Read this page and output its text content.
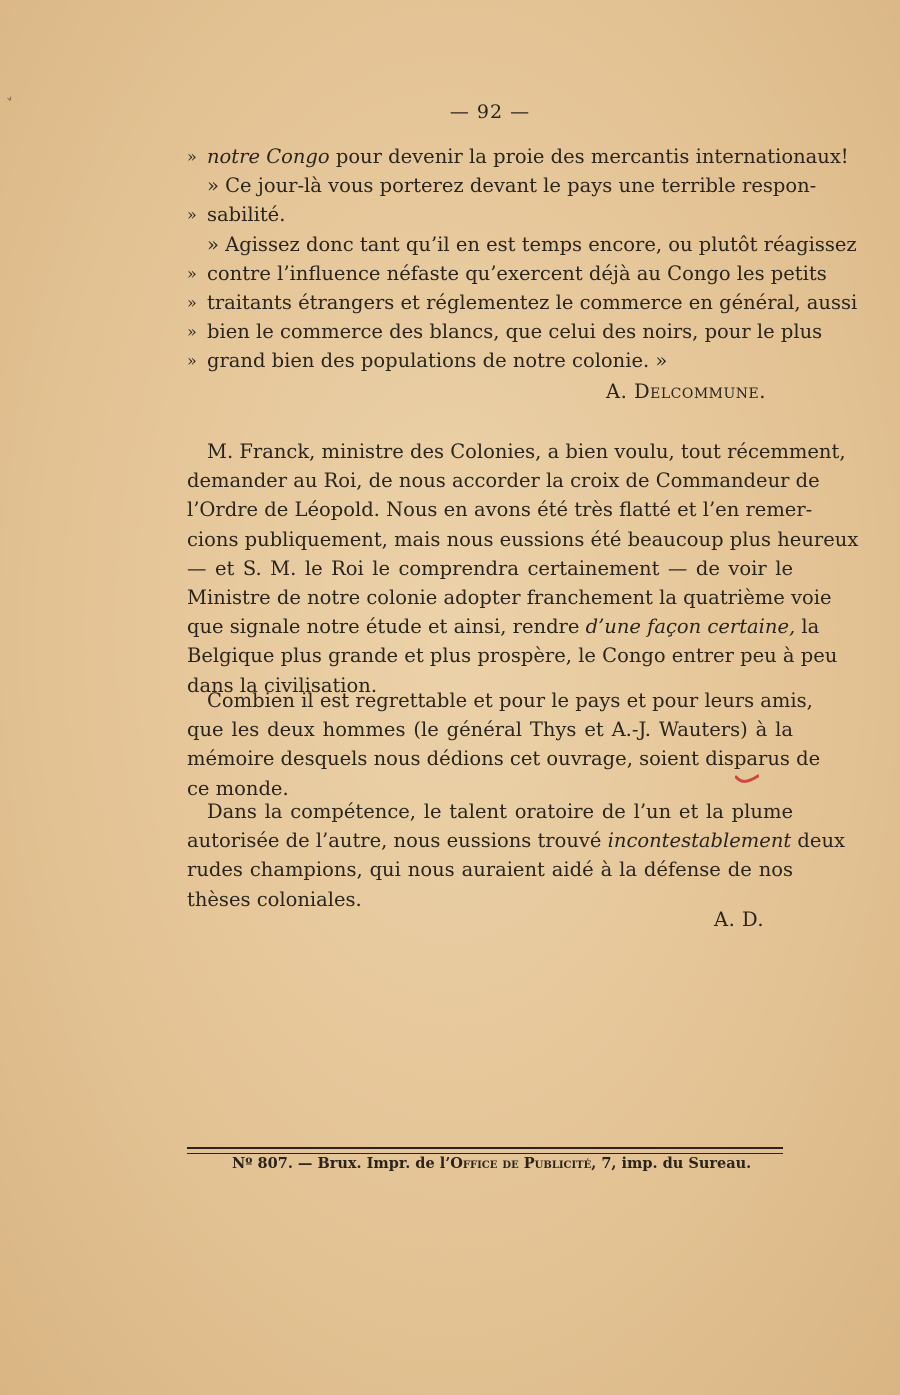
˅	— 92 —
» notre Congo pour devenir la proie des mercantis internationaux!
» Ce jour-là vous porterez devant le pays une terrible respon-
» sabilité.
» Agissez donc tant qu’il en est temps encore, ou plutôt réagissez
» contre l’influence néfaste qu’exercent déjà au Congo les petits
» traitants étrangers et réglementez le commerce en général, aussi
» bien le commerce des blancs, que celui des noirs, pour le plus
» grand bien des populations de notre colonie. »
A. Delcommune.
M. Franck, ministre des Colonies, a bien voulu, tout récemment,
demander au Roi, de nous accorder la croix de Commandeur de
l’Ordre de Léopold. Nous en avons été très flatté et l’en remer-
cions publiquement, mais nous eussions été beaucoup plus heureux
— et S. M. le Roi le comprendra certainement — de voir le
Ministre de notre colonie adopter franchement la quatrième voie
que signale notre étude et ainsi, rendre d’une façon certaine, la
Belgique plus grande et plus prospère, le Congo entrer peu à peu
dans la civilisation.
Combien il est regrettable et pour le pays et pour leurs amis,
que les deux hommes (le général Thys et A.-J. Wauters) à la
mémoire desquels nous dédions cet ouvrage, soient disparus de
ce monde.
Dans la compétence, le talent oratoire de l’un et la plume
autorisée de l’autre, nous eussions trouvé incontestablement deux
rudes champions, qui nous auraient aidé à la défense de nos
thèses coloniales.
A. D.
Nº 807. — Brux. Impr. de l’Office de Publicité, 7, imp. du Sureau.
